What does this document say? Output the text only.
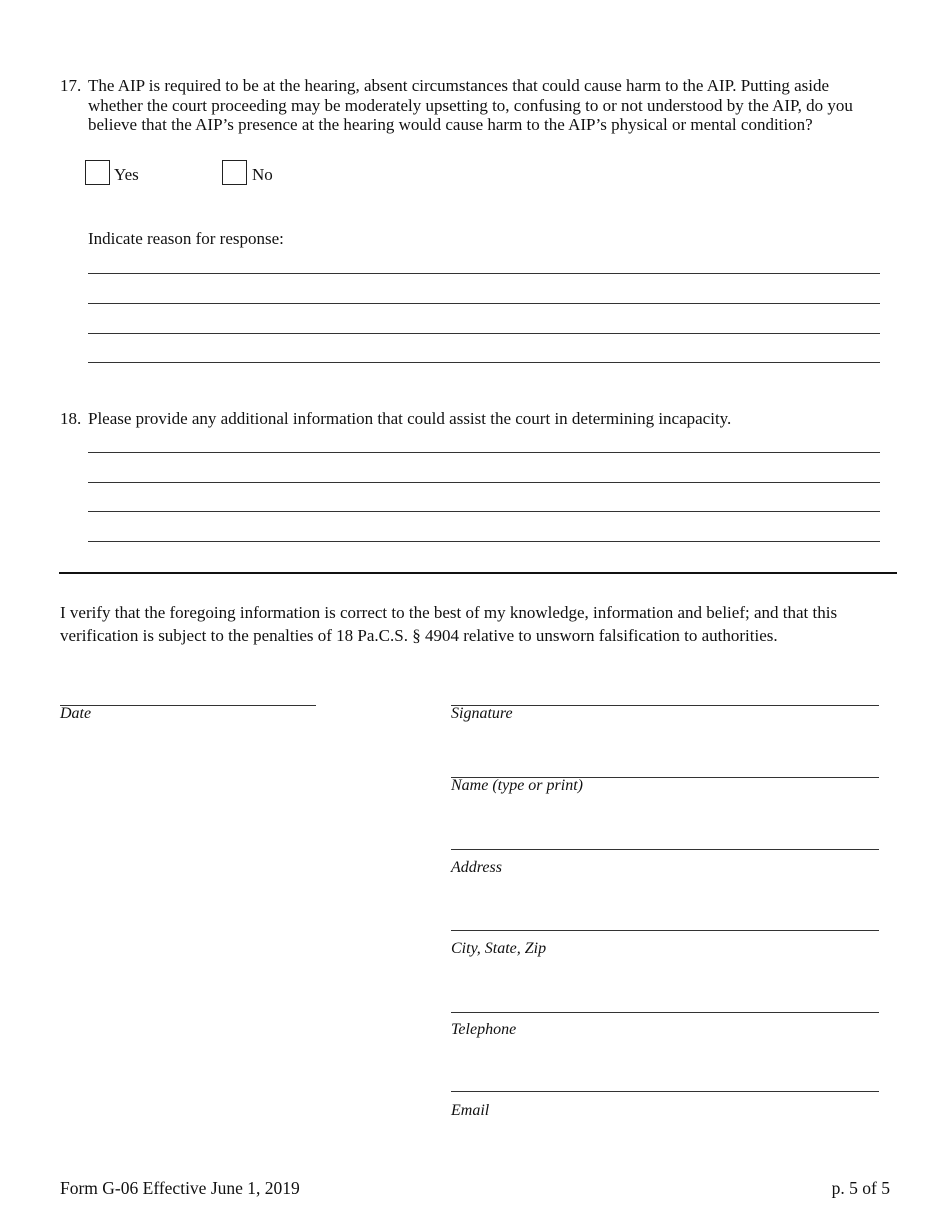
17. The AIP is required to be at the hearing, absent circumstances that could cause harm to the AIP. Putting aside whether the court proceeding may be moderately upsetting to, confusing to or not understood by the AIP, do you believe that the AIP’s presence at the hearing would cause harm to the AIP’s physical or mental condition?
Yes	No
Indicate reason for response:
18. Please provide any additional information that could assist the court in determining incapacity.
I verify that the foregoing information is correct to the best of my knowledge, information and belief; and that this verification is subject to the penalties of 18 Pa.C.S. § 4904 relative to unsworn falsification to authorities.
Date	Signature
Name (type or print)
Address
City, State, Zip
Telephone
Email
Form G-06 Effective June 1, 2019	p. 5 of 5
